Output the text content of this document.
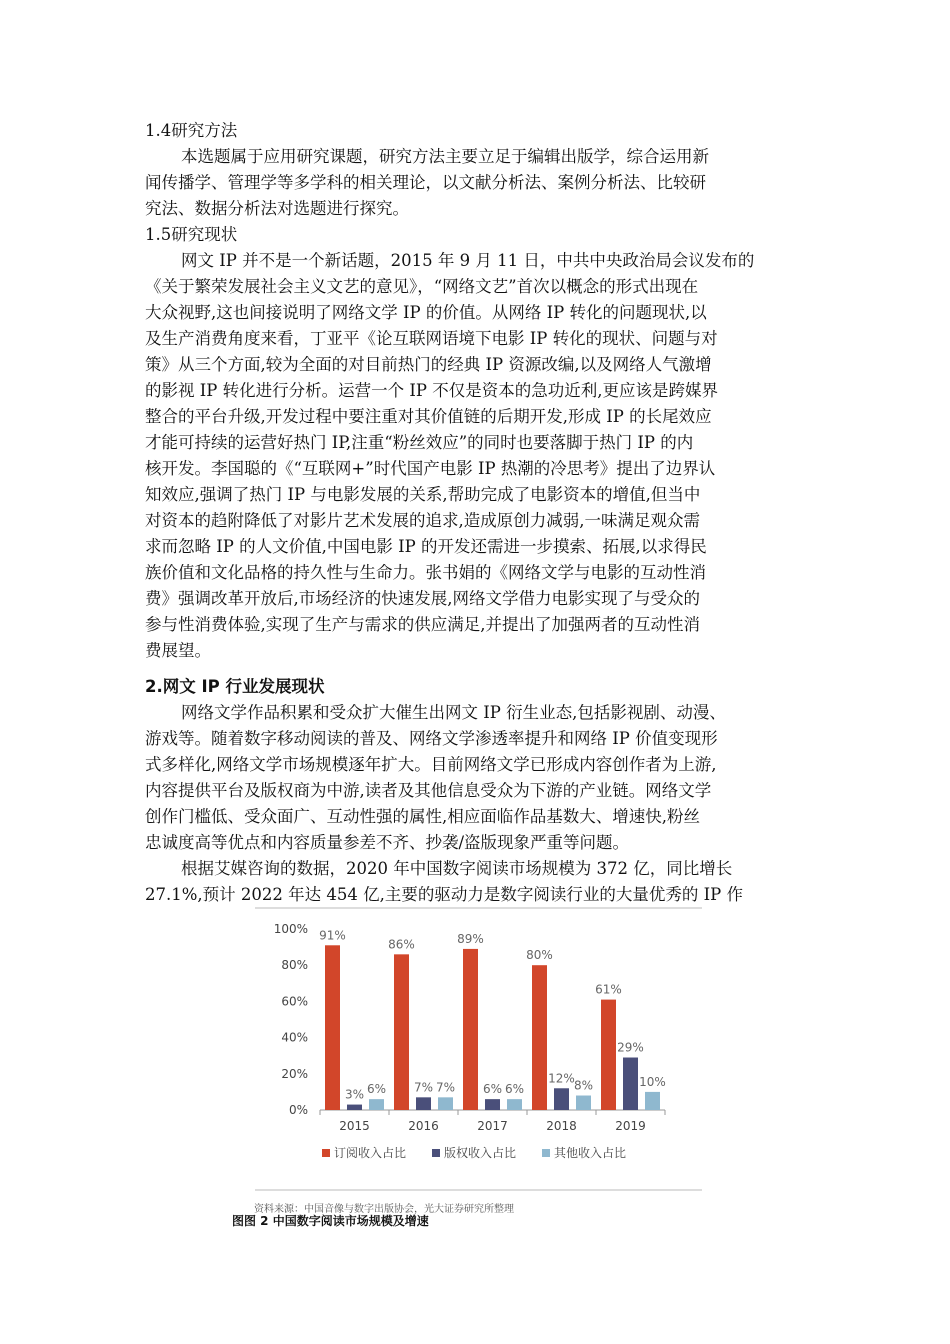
1.4研究方法
本选题属于应用研究课题，研究方法主要立足于编辑出版学，综合运用新
闻传播学、管理学等多学科的相关理论，以文献分析法、案例分析法、比较研
究法、数据分析法对选题进行探究。
1.5研究现状
网文 IP 并不是一个新话题，2015 年 9 月 11 日，中共中央政治局会议发布的
《关于繁荣发展社会主义文艺的意见》，“网络文艺”首次以概念的形式出现在
大众视野,这也间接说明了网络文学 IP 的价值。从网络 IP 转化的问题现状,以
及生产消费角度来看，丁亚平《论互联网语境下电影 IP 转化的现状、问题与对
策》从三个方面,较为全面的对目前热门的经典 IP 资源改编,以及网络人气激增
的影视 IP 转化进行分析。运营一个 IP 不仅是资本的急功近利,更应该是跨媒界
整合的平台升级,开发过程中要注重对其价值链的后期开发,形成 IP 的长尾效应
才能可持续的运营好热门 IP,注重“粉丝效应”的同时也要落脚于热门 IP 的内
核开发。李国聪的《“互联网+”时代国产电影 IP 热潮的冷思考》提出了边界认
知效应,强调了热门 IP 与电影发展的关系,帮助完成了电影资本的增值,但当中
对资本的趋附降低了对影片艺术发展的追求,造成原创力减弱,一味满足观众需
求而忽略 IP 的人文价值,中国电影 IP 的开发还需进一步摸索、拓展,以求得民
族价值和文化品格的持久性与生命力。张书娟的《网络文学与电影的互动性消
费》强调改革开放后,市场经济的快速发展,网络文学借力电影实现了与受众的
参与性消费体验,实现了生产与需求的供应满足,并提出了加强两者的互动性消
费展望。
2.网文 IP 行业发展现状
网络文学作品积累和受众扩大催生出网文 IP 衍生业态,包括影视剧、动漫、
游戏等。随着数字移动阅读的普及、网络文学渗透率提升和网络 IP 价值变现形
式多样化,网络文学市场规模逐年扩大。目前网络文学已形成内容创作者为上游,
内容提供平台及版权商为中游,读者及其他信息受众为下游的产业链。网络文学
创作门槛低、受众面广、互动性强的属性,相应面临作品基数大、增速快,粉丝
忠诚度高等优点和内容质量参差不齐、抄袭/盗版现象严重等问题。
根据艾媒咨询的数据，2020 年中国数字阅读市场规模为 372 亿，同比增长
27.1%,预计 2022 年达 454 亿,主要的驱动力是数字阅读行业的大量优秀的 IP 作
0%
20%
40%
60%
80%
100%
2015
91%
3% 6%
2016
86%
7% 7%
2017
89%
6% 6%
2018
80%
12%
8%
2019
61%
29%
10%
订阅收入占比	版权收入占比	其他收入占比
资料来源：中国音像与数字出版协会，光大证券研究所整理
图图 2 中国数字阅读市场规模及增速
